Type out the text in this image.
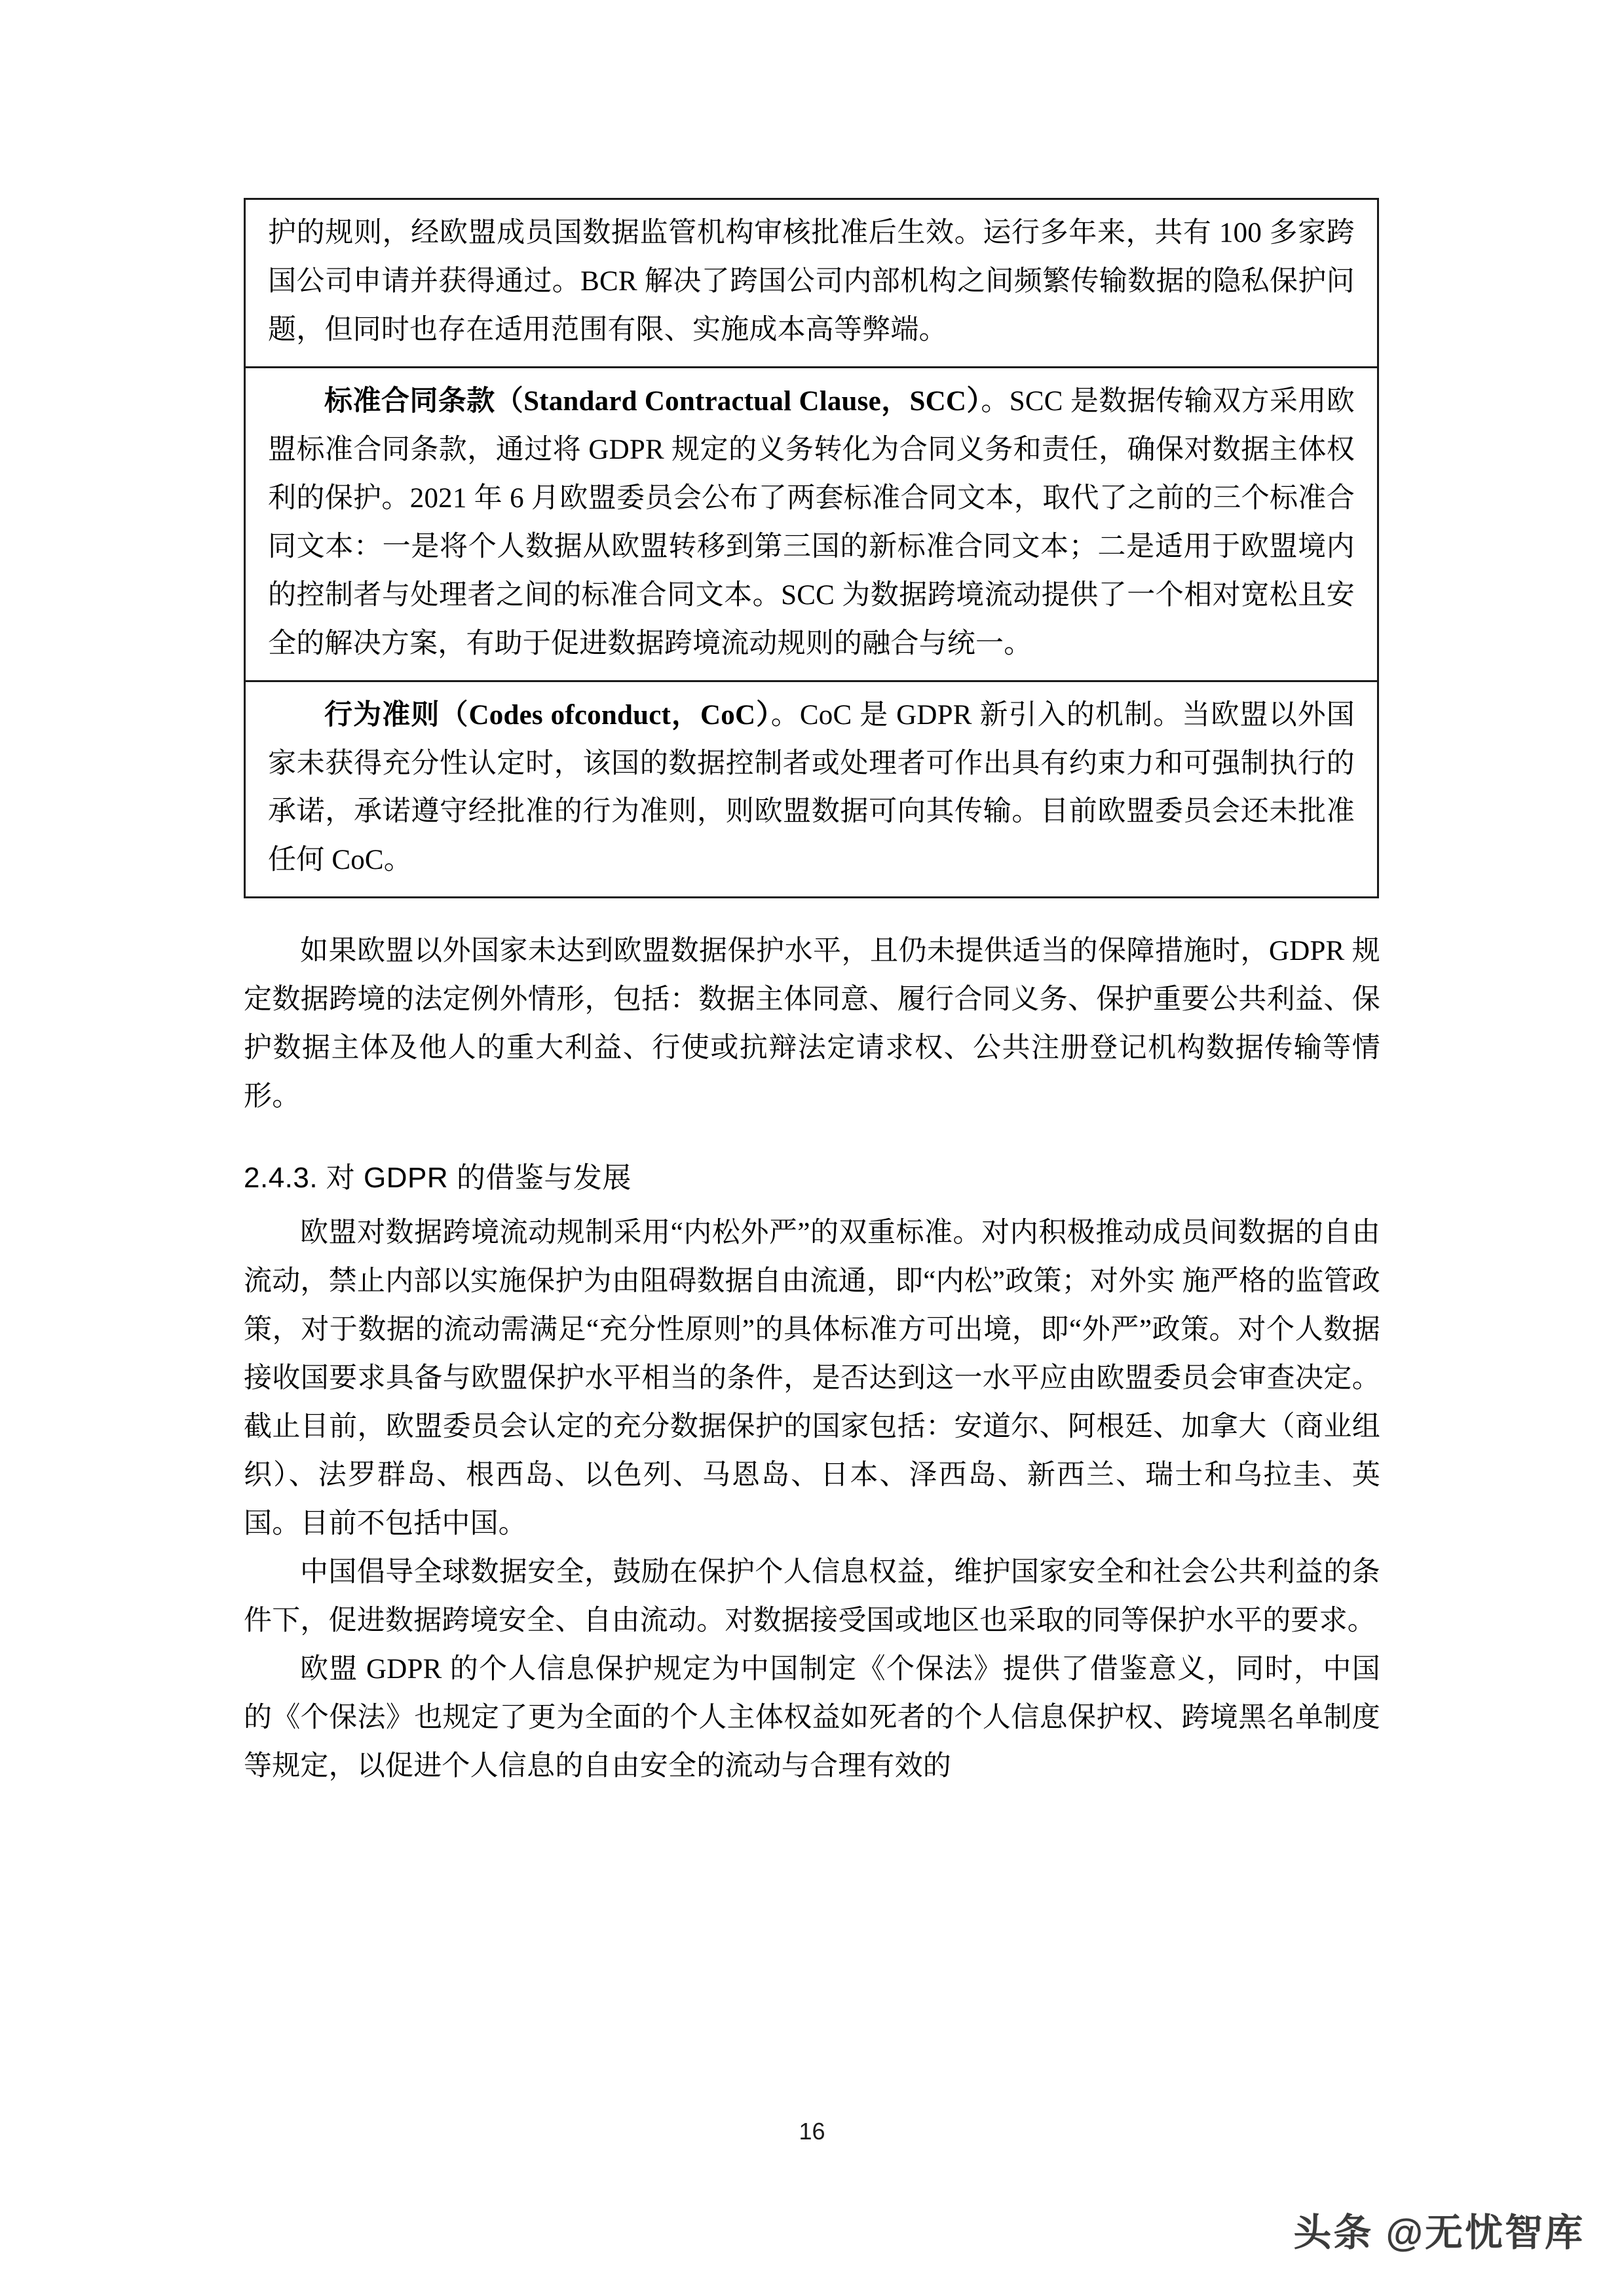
护的规则，经欧盟成员国数据监管机构审核批准后生效。运行多年来，共有 100 多家跨国公司申请并获得通过。BCR 解决了跨国公司内部机构之间频繁传输数据的隐私保护问题，但同时也存在适用范围有限、实施成本高等弊端。

标准合同条款（Standard Contractual Clause，SCC）。SCC 是数据传输双方采用欧盟标准合同条款，通过将 GDPR 规定的义务转化为合同义务和责任，确保对数据主体权利的保护。2021 年 6 月欧盟委员会公布了两套标准合同文本，取代了之前的三个标准合同文本：一是将个人数据从欧盟转移到第三国的新标准合同文本；二是适用于欧盟境内的控制者与处理者之间的标准合同文本。SCC 为数据跨境流动提供了一个相对宽松且安全的解决方案，有助于促进数据跨境流动规则的融合与统一。

行为准则（Codes ofconduct，CoC）。CoC 是 GDPR 新引入的机制。当欧盟以外国家未获得充分性认定时，该国的数据控制者或处理者可作出具有约束力和可强制执行的承诺，承诺遵守经批准的行为准则，则欧盟数据可向其传输。目前欧盟委员会还未批准任何 CoC。

如果欧盟以外国家未达到欧盟数据保护水平，且仍未提供适当的保障措施时，GDPR 规定数据跨境的法定例外情形，包括：数据主体同意、履行合同义务、保护重要公共利益、保护数据主体及他人的重大利益、行使或抗辩法定请求权、公共注册登记机构数据传输等情形。

2.4.3. 对 GDPR 的借鉴与发展

欧盟对数据跨境流动规制采用“内松外严”的双重标准。对内积极推动成员间数据的自由流动，禁止内部以实施保护为由阻碍数据自由流通，即“内松”政策；对外实 施严格的监管政策，对于数据的流动需满足“充分性原则”的具体标准方可出境，即“外严”政策。对个人数据接收国要求具备与欧盟保护水平相当的条件，是否达到这一水平应由欧盟委员会审查决定。截止目前，欧盟委员会认定的充分数据保护的国家包括：安道尔、阿根廷、加拿大（商业组织）、法罗群岛、根西岛、以色列、马恩岛、日本、泽西岛、新西兰、瑞士和乌拉圭、英国。目前不包括中国。

中国倡导全球数据安全，鼓励在保护个人信息权益，维护国家安全和社会公共利益的条件下，促进数据跨境安全、自由流动。对数据接受国或地区也采取的同等保护水平的要求。

欧盟 GDPR 的个人信息保护规定为中国制定《个保法》提供了借鉴意义，同时，中国的《个保法》也规定了更为全面的个人主体权益如死者的个人信息保护权、跨境黑名单制度等规定，以促进个人信息的自由安全的流动与合理有效的

16
头条 @无忧智库
